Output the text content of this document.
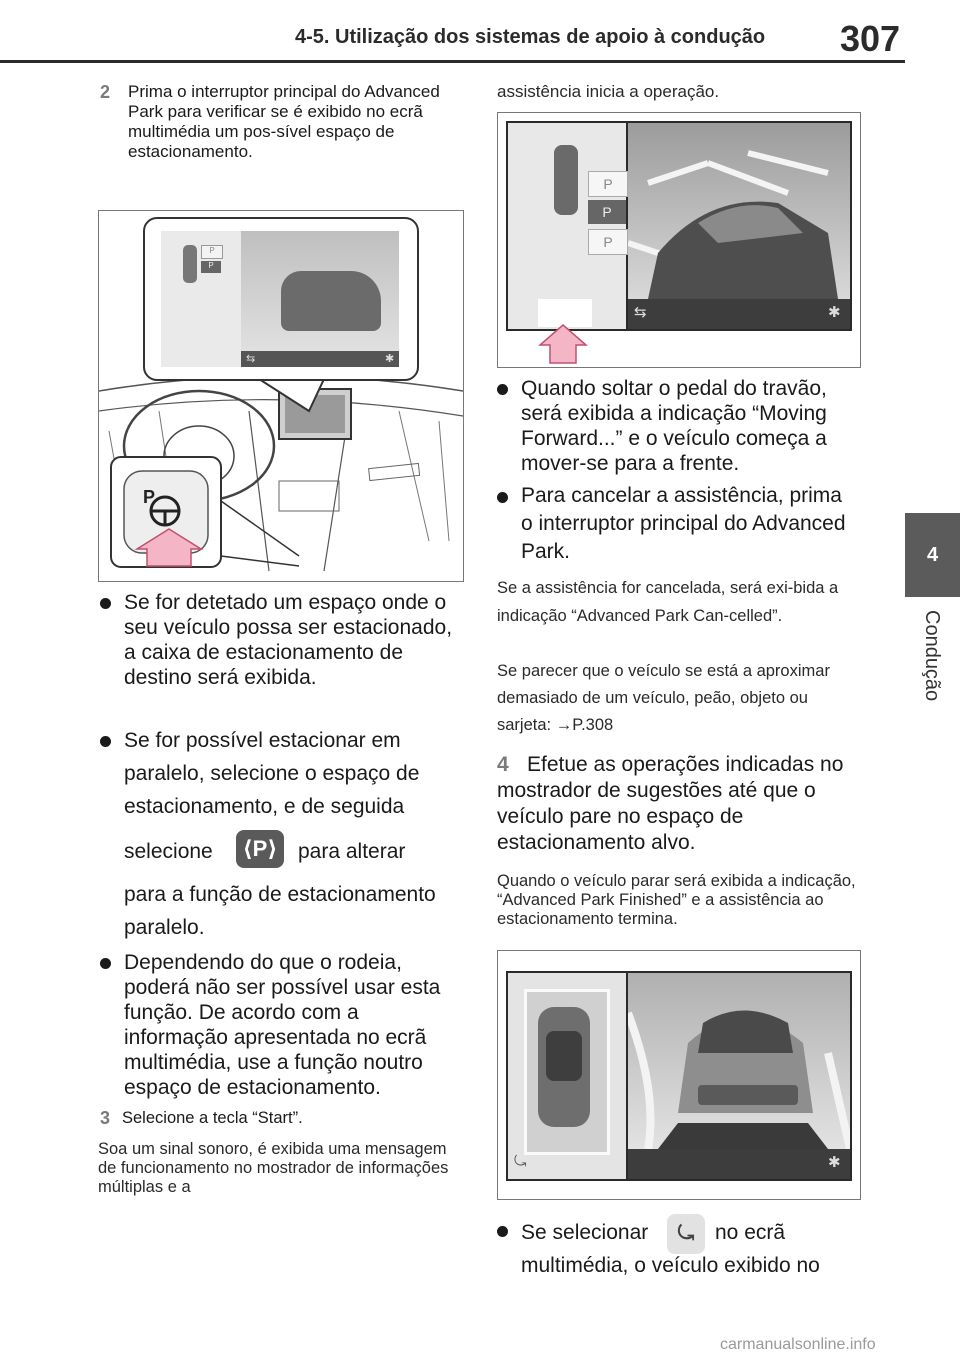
4-5. Utilização dos sistemas de apoio à condução 307
4
Condução
2	Prima o interruptor principal do Advanced Park para verificar se é exibido no ecrã multimédia um pos-sível espaço de estacionamento.
P
P
P
⇆	✱
Se for detetado um espaço onde o seu veículo possa ser estacionado, a caixa de estacionamento de destino será exibida.
Se for possível estacionar em paralelo, selecione o espaço de estacionamento, e de seguida
selecione ⟨P⟩ para alterar
para a função de estacionamento paralelo.
Dependendo do que o rodeia, poderá não ser possível usar esta função. De acordo com a informação apresentada no ecrã multimédia, use a função noutro espaço de estacionamento.
3 Selecione a tecla “Start”.
Soa um sinal sonoro, é exibida uma mensagem de funcionamento no mostrador de informações múltiplas e a
assistência inicia a operação.
P
P
P
⇆	✱
Quando soltar o pedal do travão, será exibida a indicação “Moving Forward...” e o veículo começa a mover-se para a frente.
Para cancelar a assistência, prima o interruptor principal do Advanced Park.
Se a assistência for cancelada, será exi-bida a indicação “Advanced Park Can-celled”.
Se parecer que o veículo se está a aproximar demasiado de um veículo, peão, objeto ou sarjeta: →P.308
4 Efetue as operações indicadas no mostrador de sugestões até que o veículo pare no espaço de estacionamento alvo.
Quando o veículo parar será exibida a indicação, “Advanced Park Finished” e a assistência ao estacionamento termina.
⤿	✱
Se selecionar	⤿ no ecrã
multimédia, o veículo exibido no
carmanualsonline.info
